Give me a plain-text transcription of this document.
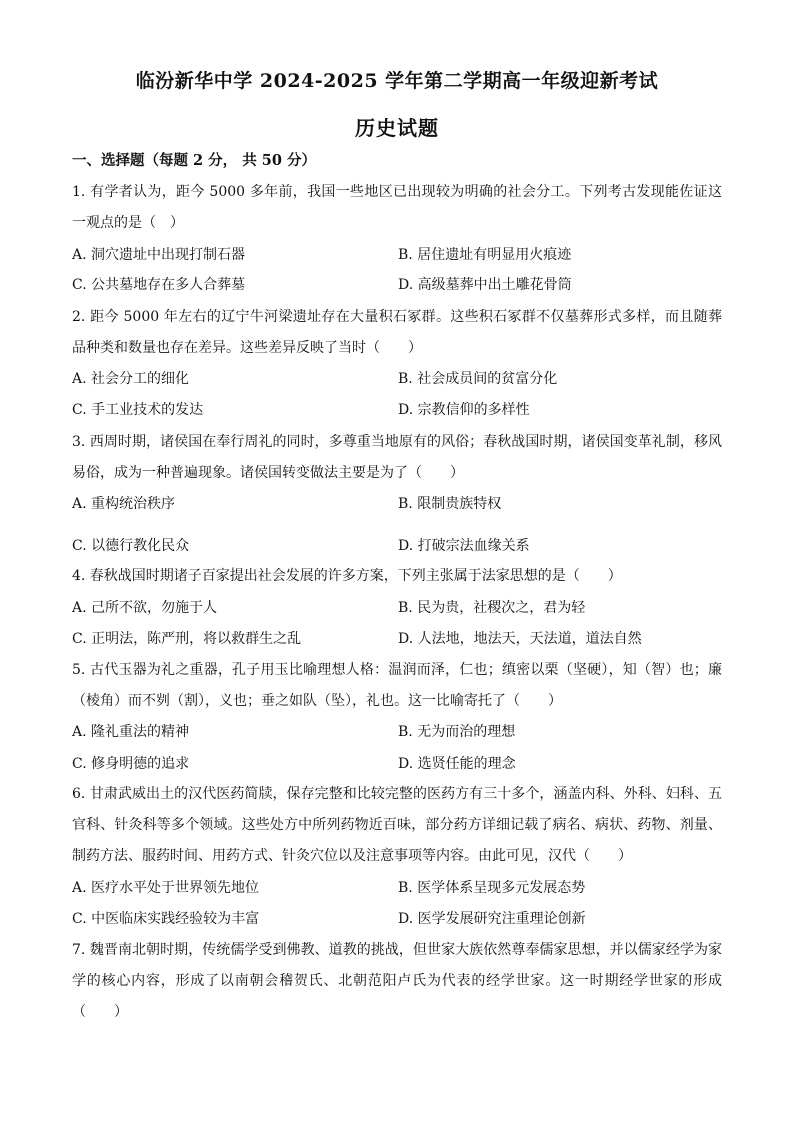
临汾新华中学 2024-2025 学年第二学期高一年级迎新考试
历史试题
一、选择题（每题 2 分， 共 50 分）
1. 有学者认为，距今 5000 多年前，我国一些地区已出现较为明确的社会分工。下列考古发现能佐证这一观点的是（　）
A. 洞穴遗址中出现打制石器	B. 居住遗址有明显用火痕迹
C. 公共墓地存在多人合葬墓	D. 高级墓葬中出土雕花骨筒
2. 距今 5000 年左右的辽宁牛河梁遗址存在大量积石冢群。这些积石冢群不仅墓葬形式多样，而且随葬品种类和数量也存在差异。这些差异反映了当时（　　）
A. 社会分工的细化	B. 社会成员间的贫富分化
C. 手工业技术的发达	D. 宗教信仰的多样性
3. 西周时期，诸侯国在奉行周礼的同时，多尊重当地原有的风俗；春秋战国时期，诸侯国变革礼制，移风易俗，成为一种普遍现象。诸侯国转变做法主要是为了（　　）
A. 重构统治秩序	B. 限制贵族特权
C. 以德行教化民众	D. 打破宗法血缘关系
4. 春秋战国时期诸子百家提出社会发展的许多方案，下列主张属于法家思想的是（　　）
A. 己所不欲，勿施于人	B. 民为贵，社稷次之，君为轻
C. 正明法，陈严刑，将以救群生之乱	D. 人法地，地法天，天法道，道法自然
5. 古代玉器为礼之重器，孔子用玉比喻理想人格：温润而泽，仁也；缜密以栗（坚硬），知（智）也；廉（棱角）而不刿（割），义也；垂之如队（坠），礼也。这一比喻寄托了（　　）
A. 隆礼重法的精神	B. 无为而治的理想
C. 修身明德的追求	D. 选贤任能的理念
6. 甘肃武威出土的汉代医药简牍，保存完整和比较完整的医药方有三十多个，涵盖内科、外科、妇科、五官科、针灸科等多个领域。这些处方中所列药物近百味，部分药方详细记载了病名、病状、药物、剂量、制药方法、服药时间、用药方式、针灸穴位以及注意事项等内容。由此可见，汉代（　　）
A. 医疗水平处于世界领先地位	B. 医学体系呈现多元发展态势
C. 中医临床实践经验较为丰富	D. 医学发展研究注重理论创新
7. 魏晋南北朝时期，传统儒学受到佛教、道教的挑战，但世家大族依然尊奉儒家思想，并以儒家经学为家学的核心内容，形成了以南朝会稽贺氏、北朝范阳卢氏为代表的经学世家。这一时期经学世家的形成（　　）
